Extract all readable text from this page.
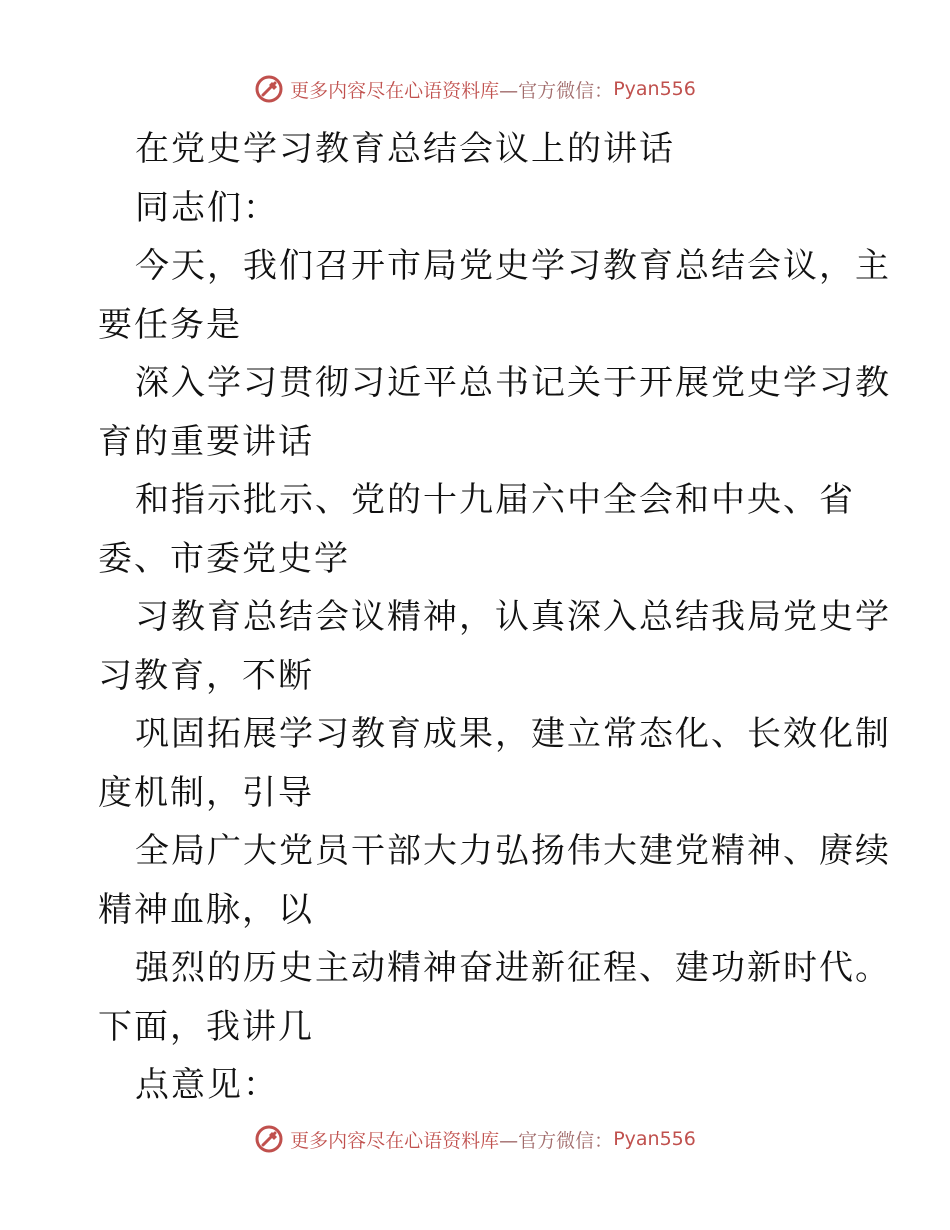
更多内容尽在心语资料库 —官方微信： Pyan556
在党史学习教育总结会议上的讲话
同志们：
今天，我们召开市局党史学习教育总结会议，主
要任务是
深入学习贯彻习近平总书记关于开展党史学习教
育的重要讲话
和指示批示、党的十九届六中全会和中央、省
委、市委党史学
习教育总结会议精神，认真深入总结我局党史学
习教育，不断
巩固拓展学习教育成果，建立常态化、长效化制
度机制，引导
全局广大党员干部大力弘扬伟大建党精神、赓续
精神血脉，以
强烈的历史主动精神奋进新征程、建功新时代。
下面，我讲几
点意见：
更多内容尽在心语资料库 —官方微信： Pyan556
